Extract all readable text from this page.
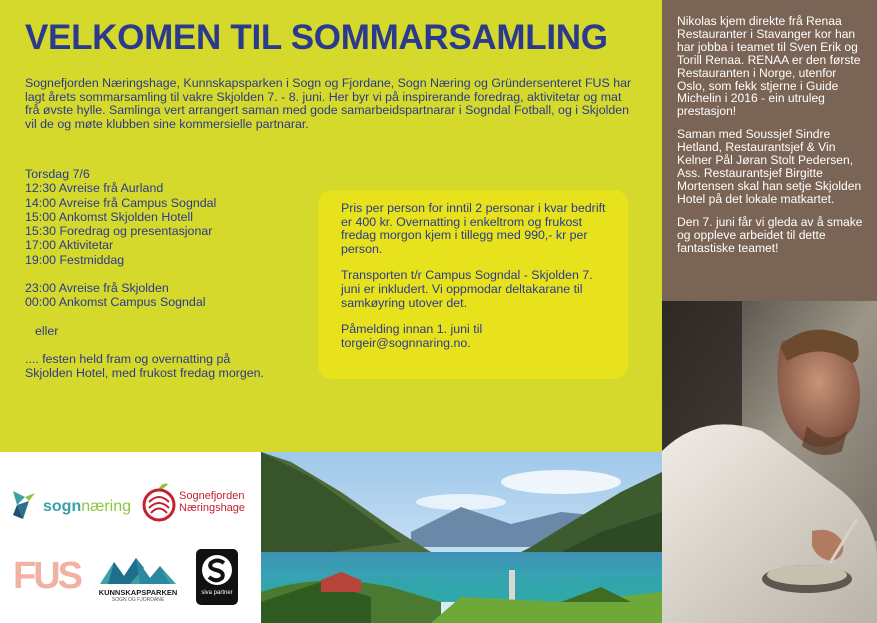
VELKOMEN TIL SOMMARSAMLING

Sognefjorden Næringshage, Kunnskapsparken i Sogn og Fjordane, Sogn Næring og Gründersenteret FUS har lagt årets sommarsamling til vakre Skjolden 7. - 8. juni. Her byr vi på inspirerande foredrag, aktivitetar og mat frå øvste hylle. Samlinga vert arrangert saman med gode samarbeidspartnarar i Sogndal Fotball, og i Skjolden vil de og møte klubben sine kommersielle partnarar.

Torsdag 7/6
12:30 Avreise frå Aurland
14:00 Avreise frå Campus Sogndal
15:00 Ankomst Skjolden Hotell
15:30 Foredrag og presentasjonar
17:00 Aktivitetar
19:00 Festmiddag
23:00 Avreise frå Skjolden
00:00 Ankomst Campus Sogndal
eller
.... festen held fram og overnatting på Skjolden Hotel, med frukost fredag morgen.

Pris per person for inntil 2 personar i kvar bedrift er 400 kr. Overnatting i enkeltrom og frukost fredag morgon kjem i tillegg med 990,- kr per person.

Transporten t/r Campus Sogndal - Skjolden 7. juni er inkludert. Vi oppmodar deltakarane til samkøyring utover det.

Påmelding innan 1. juni til
torgeir@sognnaring.no.

Nikolas kjem direkte frå Renaa Restauranter i Stavanger kor han har jobba i teamet til Sven Erik og Torill Renaa. RENAA er den første Restauranten i Norge, utenfor Oslo, som fekk stjerne i Guide Michelin i 2016 - ein utruleg prestasjon!

Saman med Soussjef Sindre Hetland, Restaurantsjef & Vin Kelner Pål Jøran Stolt Pedersen, Ass. Restaurantsjef Birgitte Mortensen skal han setje Skjolden Hotel på det lokale matkartet.

Den 7. juni får vi gleda av å smake og oppleve arbeidet til dette fantastiske teamet!

sognnæring
Sognefjorden
Næringshage
FUS KUNNSKAPSPARKEN
SOGN OG FJORDANE
siva partner
